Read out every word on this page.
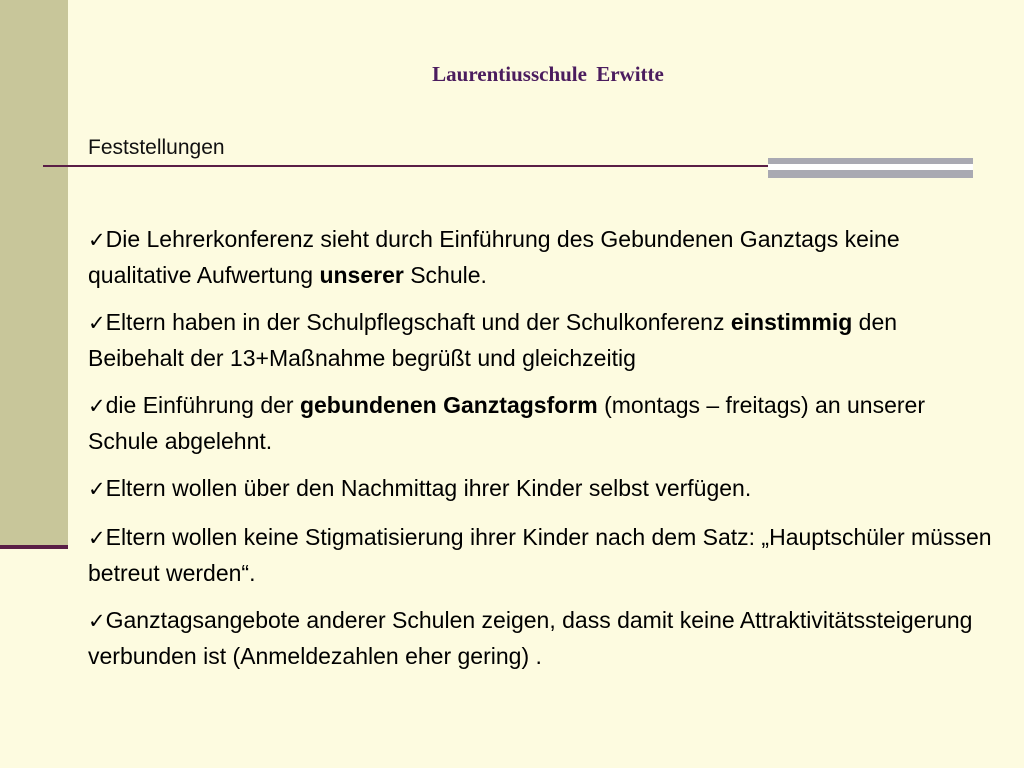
Laurentiusschule Erwitte
Feststellungen
✓Die Lehrerkonferenz sieht durch Einführung des Gebundenen Ganztags keine qualitative Aufwertung unserer Schule.
✓Eltern haben in der Schulpflegschaft und der Schulkonferenz einstimmig den Beibehalt der 13+Maßnahme begrüßt und gleichzeitig
✓die Einführung der gebundenen Ganztagsform (montags – freitags) an unserer Schule abgelehnt.
✓Eltern wollen über den Nachmittag ihrer Kinder selbst verfügen.
✓Eltern wollen keine Stigmatisierung ihrer Kinder nach dem Satz: „Hauptschüler müssen betreut werden“.
✓Ganztagsangebote anderer Schulen zeigen, dass damit keine Attraktivitätssteigerung verbunden ist (Anmeldezahlen eher gering) .
